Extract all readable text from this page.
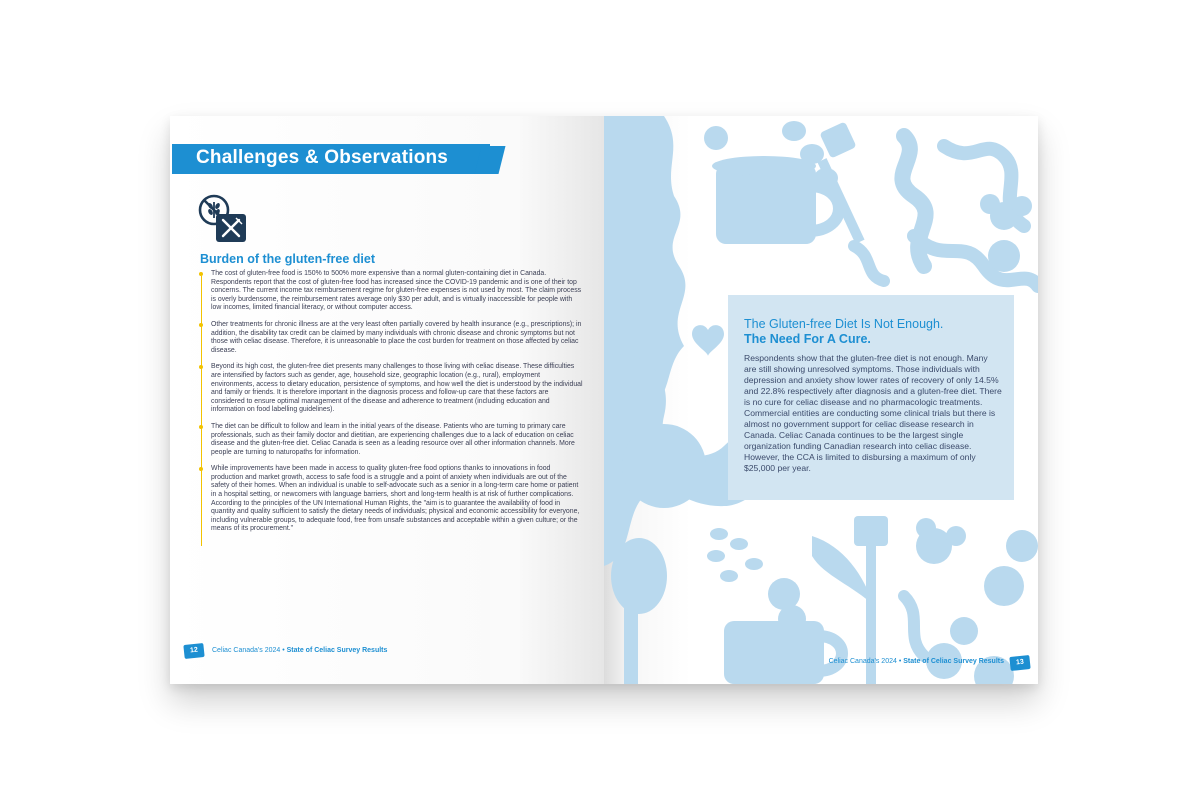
Challenges & Observations
Burden of the gluten-free diet

The cost of gluten-free food is 150% to 500% more expensive than a normal gluten-containing diet in Canada. Respondents report that the cost of gluten-free food has increased since the COVID-19 pandemic and is one of their top concerns. The current income tax reimbursement regime for gluten-free expenses is not used by most. The claim process is overly burdensome, the reimbursement rates average only $30 per adult, and is virtually inaccessible for people with low incomes, limited financial literacy, or without computer access.

Other treatments for chronic illness are at the very least often partially covered by health insurance (e.g., prescriptions); in addition, the disability tax credit can be claimed by many individuals with chronic disease and chronic symptoms but not those with celiac disease. Therefore, it is unreasonable to place the cost burden for treatment on those affected by celiac disease.

Beyond its high cost, the gluten-free diet presents many challenges to those living with celiac disease. These difficulties are intensified by factors such as gender, age, household size, geographic location (e.g., rural), employment environments, access to dietary education, persistence of symptoms, and how well the diet is understood by the individual and family or friends. It is therefore important in the diagnosis process and follow-up care that these factors are considered to ensure optimal management of the disease and adherence to treatment (including education and information on food labelling guidelines).

The diet can be difficult to follow and learn in the initial years of the disease. Patients who are turning to primary care professionals, such as their family doctor and dietitian, are experiencing challenges due to a lack of education on celiac disease and the gluten-free diet. Celiac Canada is seen as a leading resource over all other information channels. More people are turning to naturopaths for information.

While improvements have been made in access to quality gluten-free food options thanks to innovations in food production and market growth, access to safe food is a struggle and a point of anxiety when individuals are out of the safety of their homes. When an individual is unable to self-advocate such as a senior in a long-term care home or patient in a hospital setting, or newcomers with language barriers, short and long-term health is at risk of further complications. According to the principles of the UN International Human Rights, the "aim is to guarantee the availability of food in quantity and quality sufficient to satisfy the dietary needs of individuals; physical and economic accessibility for everyone, including vulnerable groups, to adequate food, free from unsafe substances and acceptable within a given culture; or the means of its procurement."

12	Celiac Canada's 2024 • State of Celiac Survey Results
The Gluten-free Diet Is Not Enough.
The Need For A Cure.
Respondents show that the gluten-free diet is not enough. Many are still showing unresolved symptoms. Those individuals with depression and anxiety show lower rates of recovery of only 14.5% and 22.8% respectively after diagnosis and a gluten-free diet. There is no cure for celiac disease and no pharmacologic treatments. Commercial entities are conducting some clinical trials but there is almost no government support for celiac disease research in Canada. Celiac Canada continues to be the largest single organization funding Canadian research into celiac disease. However, the CCA is limited to disbursing a maximum of only $25,000 per year.
Celiac Canada's 2024 • State of Celiac Survey Results	13
